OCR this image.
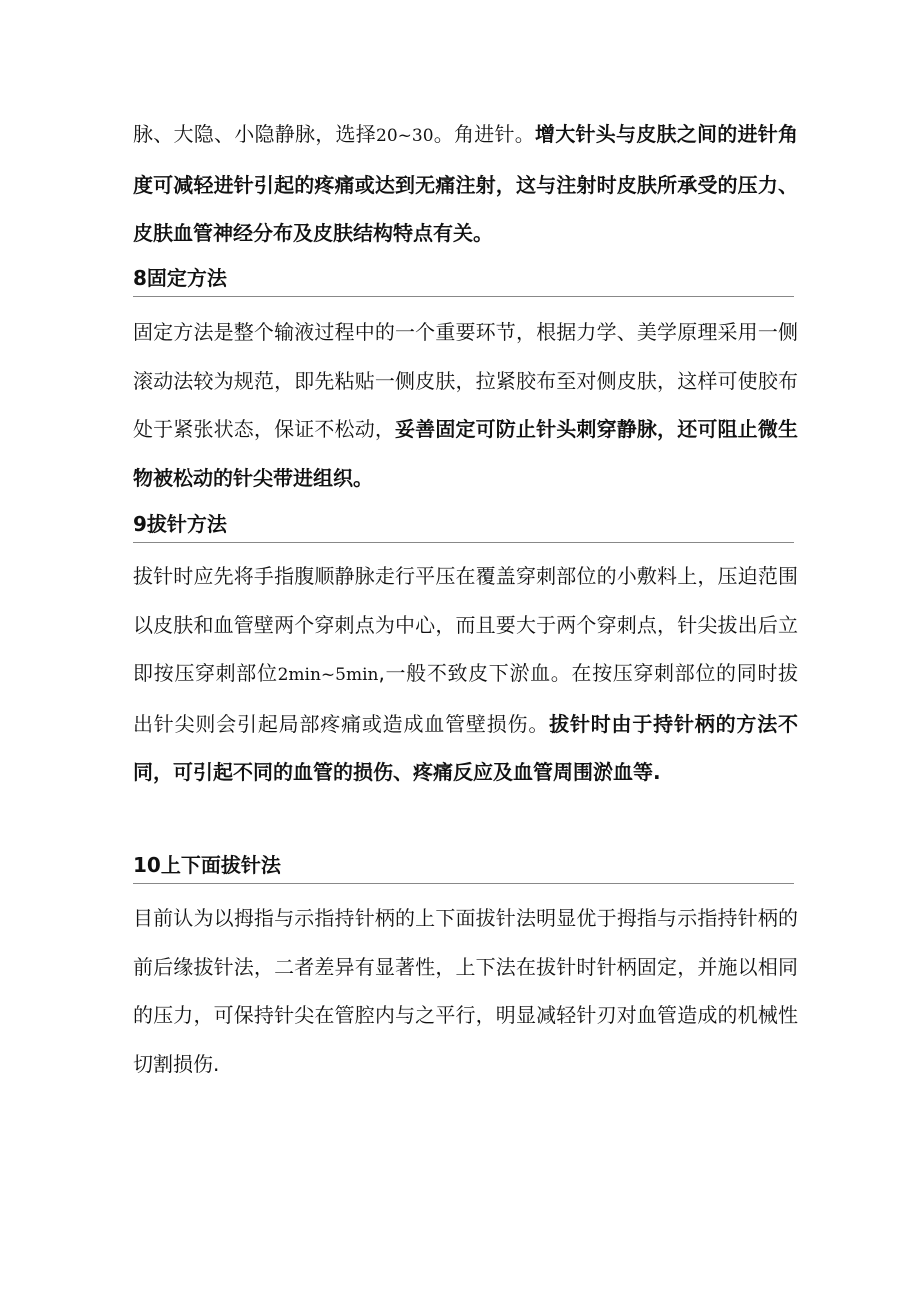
脉、大隐、小隐静脉，选择20~30。角进针。增大针头与皮肤之间的进针角度可减轻进针引起的疼痛或达到无痛注射，这与注射时皮肤所承受的压力、皮肤血管神经分布及皮肤结构特点有关。

8固定方法

固定方法是整个输液过程中的一个重要环节，根据力学、美学原理采用一侧滚动法较为规范，即先粘贴一侧皮肤，拉紧胶布至对侧皮肤，这样可使胶布处于紧张状态，保证不松动，妥善固定可防止针头刺穿静脉，还可阻止微生物被松动的针尖带进组织。

9拔针方法

拔针时应先将手指腹顺静脉走行平压在覆盖穿刺部位的小敷料上，压迫范围以皮肤和血管壁两个穿刺点为中心，而且要大于两个穿刺点，针尖拔出后立即按压穿刺部位2min~5min,一般不致皮下淤血。在按压穿刺部位的同时拔出针尖则会引起局部疼痛或造成血管壁损伤。拔针时由于持针柄的方法不同，可引起不同的血管的损伤、疼痛反应及血管周围淤血等.

10上下面拔针法

目前认为以拇指与示指持针柄的上下面拔针法明显优于拇指与示指持针柄的前后缘拔针法，二者差异有显著性，上下法在拔针时针柄固定，并施以相同的压力，可保持针尖在管腔内与之平行，明显减轻针刃对血管造成的机械性切割损伤.
